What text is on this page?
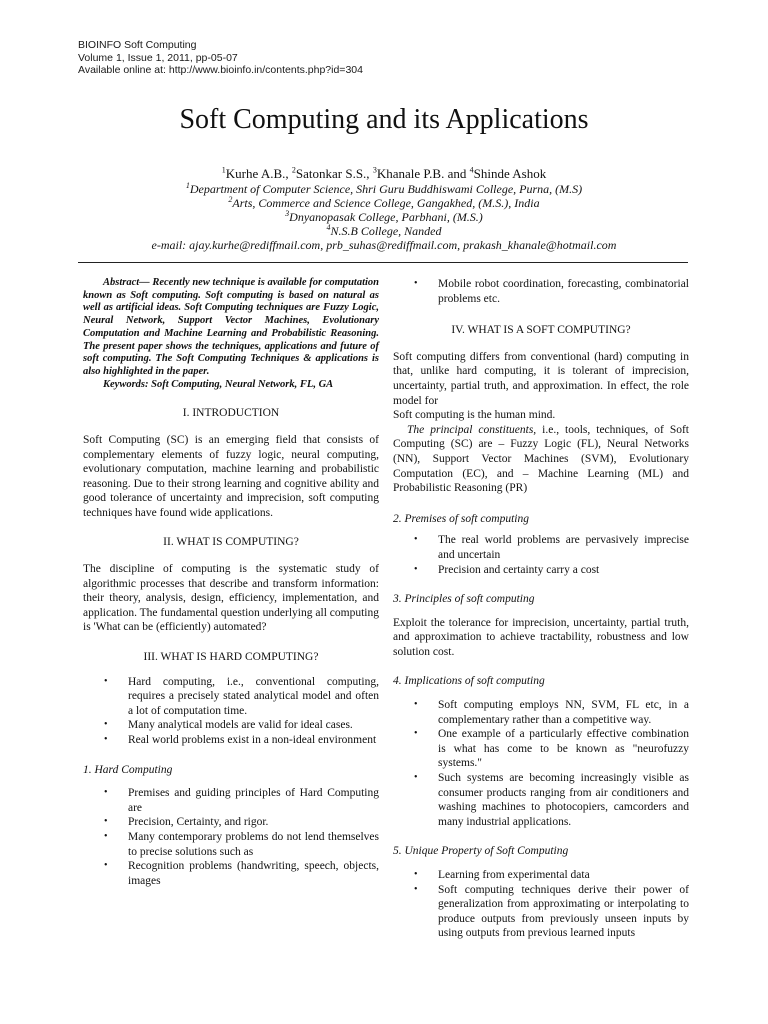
BIOINFO Soft Computing
Volume 1, Issue 1, 2011, pp-05-07
Available online at: http://www.bioinfo.in/contents.php?id=304
Soft Computing and its Applications
$^1$Kurhe A.B., $^2$Satonkar S.S., $^3$Khanale P.B. and $^4$Shinde Ashok
$^1$Department of Computer Science, Shri Guru Buddhiswami College, Purna, (M.S)
$^2$Arts, Commerce and Science College, Gangakhed, (M.S.), India
$^3$Dnyanopasak College, Parbhani, (M.S.)
$^4$N.S.B College, Nanded
e-mail: ajay.kurhe@rediffmail.com, prb_suhas@rediffmail.com, prakash_khanale@hotmail.com

Abstract— Recently new technique is available for computation known as Soft computing. Soft computing is based on natural as well as artificial ideas. Soft Computing techniques are Fuzzy Logic, Neural Network, Support Vector Machines, Evolutionary Computation and Machine Learning and Probabilistic Reasoning. The present paper shows the techniques, applications and future of soft computing. The Soft Computing Techniques & applications is also highlighted in the paper.

Keywords: Soft Computing, Neural Network, FL, GA

I. INTRODUCTION

Soft Computing (SC) is an emerging field that consists of complementary elements of fuzzy logic, neural computing, evolutionary computation, machine learning and probabilistic reasoning. Due to their strong learning and cognitive ability and good tolerance of uncertainty and imprecision, soft computing techniques have found wide applications.

II. WHAT IS COMPUTING?

The discipline of computing is the systematic study of algorithmic processes that describe and transform information: their theory, analysis, design, efficiency, implementation, and application. The fundamental question underlying all computing is 'What can be (efficiently) automated?

III. WHAT IS HARD COMPUTING?

• Hard computing, i.e., conventional computing, requires a precisely stated analytical model and often a lot of computation time.
• Many analytical models are valid for ideal cases.
• Real world problems exist in a non-ideal environment

1. Hard Computing

• Premises and guiding principles of Hard Computing are
• Precision, Certainty, and rigor.
• Many contemporary problems do not lend themselves to precise solutions such as
• Recognition problems (handwriting, speech, objects, images
• Mobile robot coordination, forecasting, combinatorial problems etc.

IV. WHAT IS A SOFT COMPUTING?

Soft computing differs from conventional (hard) computing in that, unlike hard computing, it is tolerant of imprecision, uncertainty, partial truth, and approximation. In effect, the role model for

Soft computing is the human mind.

The principal constituents, i.e., tools, techniques, of Soft Computing (SC) are – Fuzzy Logic (FL), Neural Networks (NN), Support Vector Machines (SVM), Evolutionary Computation (EC), and – Machine Learning (ML) and Probabilistic Reasoning (PR)

2. Premises of soft computing

• The real world problems are pervasively imprecise and uncertain
• Precision and certainty carry a cost

3. Principles of soft computing

Exploit the tolerance for imprecision, uncertainty, partial truth, and approximation to achieve tractability, robustness and low solution cost.

4. Implications of soft computing

• Soft computing employs NN, SVM, FL etc, in a complementary rather than a competitive way.
• One example of a particularly effective combination is what has come to be known as "neurofuzzy systems."
• Such systems are becoming increasingly visible as consumer products ranging from air conditioners and washing machines to photocopiers, camcorders and many industrial applications.

5. Unique Property of Soft Computing

• Learning from experimental data
• Soft computing techniques derive their power of generalization from approximating or interpolating to produce outputs from previously unseen inputs by using outputs from previous learned inputs
